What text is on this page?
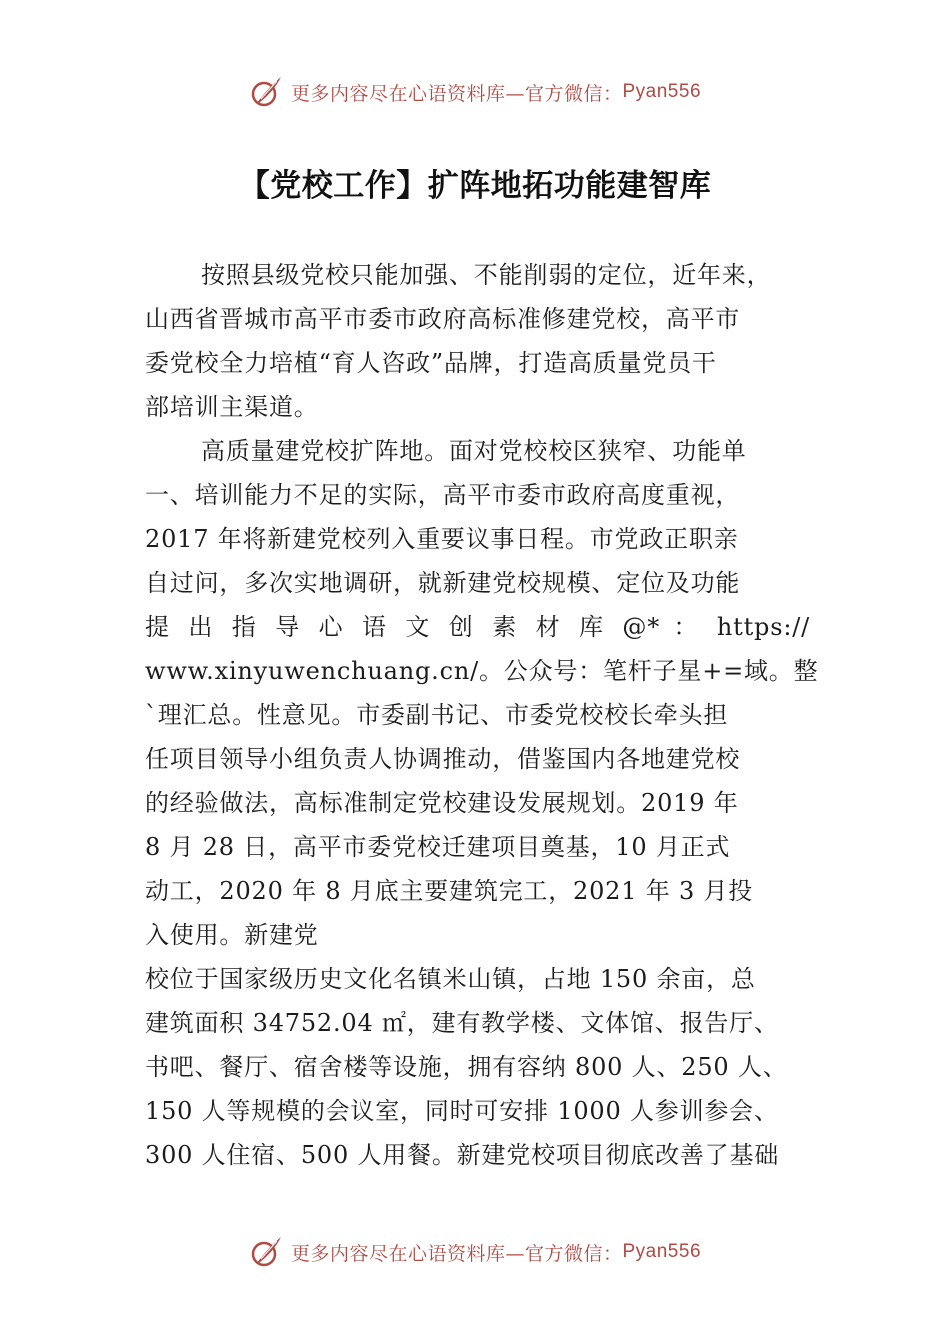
更多内容尽在心语资料库—官方微信： Pyan556
【党校工作】扩阵地拓功能建智库
按照县级党校只能加强、不能削弱的定位，近年来，
山西省晋城市高平市委市政府高标准修建党校，高平市
委党校全力培植“育人咨政”品牌，打造高质量党员干
部培训主渠道。
高质量建党校扩阵地。面对党校校区狭窄、功能单
一、培训能力不足的实际，高平市委市政府高度重视，
2017 年将新建党校列入重要议事日程。市党政正职亲
自过问，多次实地调研，就新建党校规模、定位及功能
提 出 指 导 心 语 文 创 素 材 库 @* ： https://
www.xinyuwenchuang.cn/。公众号：笔杆子星+=域。整
`理汇总。性意见。市委副书记、市委党校校长牵头担
任项目领导小组负责人协调推动，借鉴国内各地建党校
的经验做法，高标准制定党校建设发展规划。2019 年
8 月 28 日，高平市委党校迁建项目奠基，10 月正式
动工，2020 年 8 月底主要建筑完工，2021 年 3 月投
入使用。新建党
校位于国家级历史文化名镇米山镇，占地 150 余亩，总
建筑面积 34752.04 ㎡，建有教学楼、文体馆、报告厅、
书吧、餐厅、宿舍楼等设施，拥有容纳 800 人、250 人、
150 人等规模的会议室，同时可安排 1000 人参训参会、
300 人住宿、500 人用餐。新建党校项目彻底改善了基础
更多内容尽在心语资料库—官方微信： Pyan556
